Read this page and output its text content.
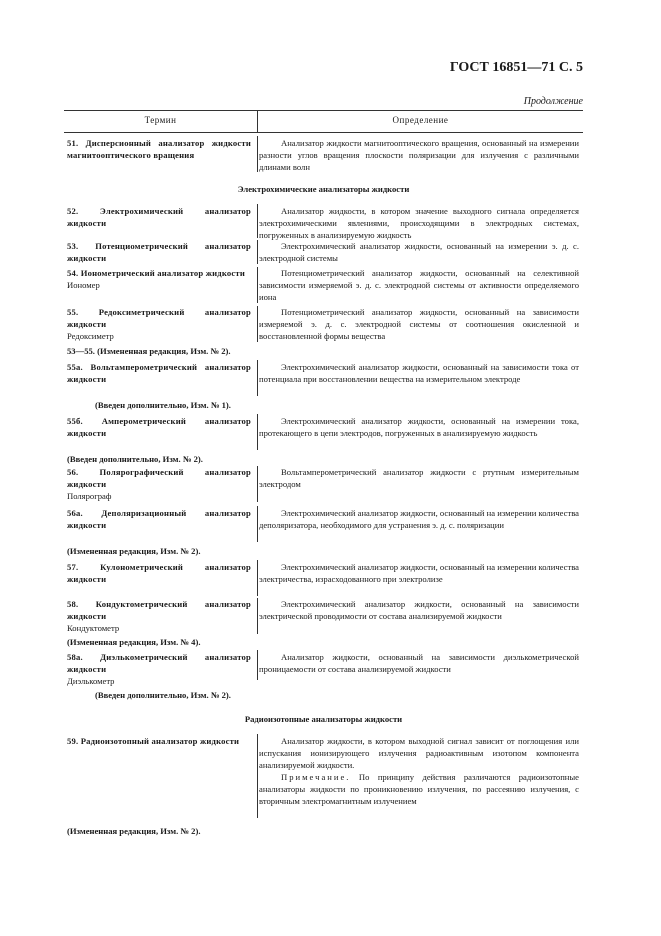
ГОСТ 16851—71 С. 5
Продолжение
Термин	Определение
51. Дисперсионный анализатор жидкости магнитооптического вращения
Анализатор жидкости магнитооптического вращения, основанный на измерении разности углов вращения плоскости поляризации для излучения с различными длинами волн
Электрохимические анализаторы жидкости
52. Электрохимический анализатор жидкости
Анализатор жидкости, в котором значение выходного сигнала определяется электрохимическими явлениями, происходящими в электродных системах, погруженных в анализируемую жидкость
53. Потенциометрический анализатор жидкости
Электрохимический анализатор жидкости, основанный на измерении э. д. с. электродной системы
54. Ионометрический анализатор жидкости
Иономер
Потенциометрический анализатор жидкости, основанный на селективной зависимости измеряемой э. д. с. электродной системы от активности определяемого иона
55. Редоксиметрический анализатор жидкости
Редоксиметр
Потенциометрический анализатор жидкости, основанный на зависимости измеряемой э. д. с. электродной системы от соотношения окисленной и восстановленной формы вещества
53—55. (Измененная редакция, Изм. № 2).
55а. Вольтамперометрический анализатор жидкости
Электрохимический анализатор жидкости, основанный на зависимости тока от потенциала при восстановлении вещества на измерительном электроде
(Введен дополнительно, Изм. № 1).
55б. Амперометрический анализатор жидкости
Электрохимический анализатор жидкости, основанный на измерении тока, протекающего в цепи электродов, погруженных в анализируемую жидкость
(Введен дополнительно, Изм. № 2).
56. Полярографический анализатор жидкости
Полярограф
Вольтамперометрический анализатор жидкости с ртутным измерительным электродом
56а. Деполяризационный анализатор жидкости
Электрохимический анализатор жидкости, основанный на измерении количества деполяризатора, необходимого для устранения э. д. с. поляризации
(Измененная редакция, Изм. № 2).
57. Кулонометрический анализатор жидкости
Электрохимический анализатор жидкости, основанный на измерении количества электричества, израсходованного при электролизе
58. Кондуктометрический анализатор жидкости
Кондуктометр
Электрохимический анализатор жидкости, основанный на зависимости электрической проводимости от состава анализируемой жидкости
(Измененная редакция, Изм. № 4).
58а. Диэлькометрический анализатор жидкости
Диэлькометр
Анализатор жидкости, основанный на зависимости диэлькометрической проницаемости от состава анализируемой жидкости
(Введен дополнительно, Изм. № 2).
Радиоизотопные анализаторы жидкости
59. Радиоизотопный анализатор жидкости	Анализатор жидкости, в котором выходной сигнал зависит от поглощения или испускания ионизирующего излучения радиоактивным изотопом компонента анализируемой жидкости.
Примечание. По принципу действия различаются радиоизотопные анализаторы жидкости по проникновению излучения, по рассеянию излучения, с вторичным электромагнитным излучением
(Измененная редакция, Изм. № 2).
